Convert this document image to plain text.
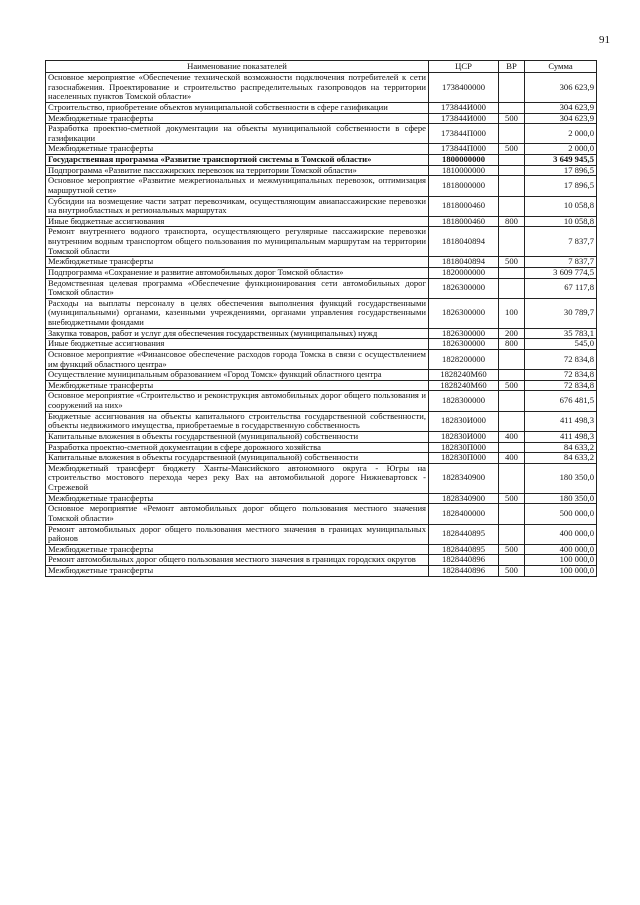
91
Наименование показателей	ЦСР	ВР	Сумма
Основное мероприятие «Обеспечение технической возможности подключения потребителей к сети газоснабжения. Проектирование и строительство распределительных газопроводов на территории населенных пунктов Томской области»	1738400000		306 623,9
Строительство, приобретение объектов муниципальной собственности в сфере газификации	173844И000		304 623,9
Межбюджетные трансферты	173844И000	500	304 623,9
Разработка проектно-сметной документации на объекты муниципальной собственности в сфере газификации	173844П000		2 000,0
Межбюджетные трансферты	173844П000	500	2 000,0
Государственная программа «Развитие транспортной системы в Томской области»	1800000000		3 649 945,5
Подпрограмма «Развитие пассажирских перевозок на территории Томской области»	1810000000		17 896,5
Основное мероприятие «Развитие межрегиональных и межмуниципальных перевозок, оптимизация маршрутной сети»	1818000000		17 896,5
Субсидии на возмещение части затрат перевозчикам, осуществляющим авиапассажирские перевозки на внутриобластных и региональных маршрутах	1818000460		10 058,8
Иные бюджетные ассигнования	1818000460	800	10 058,8
Ремонт внутреннего водного транспорта, осуществляющего регулярные пассажирские перевозки внутренним водным транспортом общего пользования по муниципальным маршрутам на территории Томской области	1818040894		7 837,7
Межбюджетные трансферты	1818040894	500	7 837,7
Подпрограмма «Сохранение и развитие автомобильных дорог Томской области»	1820000000		3 609 774,5
Ведомственная целевая программа «Обеспечение функционирования сети автомобильных дорог Томской области»	1826300000		67 117,8
Расходы на выплаты персоналу в целях обеспечения выполнения функций государственными (муниципальными) органами, казенными учреждениями, органами управления государственными внебюджетными фондами	1826300000	100	30 789,7
Закупка товаров, работ и услуг для обеспечения государственных (муниципальных) нужд	1826300000	200	35 783,1
Иные бюджетные ассигнования	1826300000	800	545,0
Основное мероприятие «Финансовое обеспечение расходов города Томска в связи с осуществлением им функций областного центра»	1828200000		72 834,8
Осуществление муниципальным образованием «Город Томск» функций областного центра	1828240М60		72 834,8
Межбюджетные трансферты	1828240М60	500	72 834,8
Основное мероприятие «Строительство и реконструкция автомобильных дорог общего пользования и сооружений на них»	1828300000		676 481,5
Бюджетные ассигнования на объекты капитального строительства государственной собственности, объекты недвижимого имущества, приобретаемые в государственную собственность	182830И000		411 498,3
Капитальные вложения в объекты государственной (муниципальной) собственности	182830И000	400	411 498,3
Разработка проектно-сметной документации в сфере дорожного хозяйства	182830П000		84 633,2
Капитальные вложения в объекты государственной (муниципальной) собственности	182830П000	400	84 633,2
Межбюджетный трансферт бюджету Ханты-Мансийского автономного округа - Югры на строительство мостового перехода через реку Вах на автомобильной дороге Нижневартовск - Стрежевой	1828340900		180 350,0
Межбюджетные трансферты	1828340900	500	180 350,0
Основное мероприятие «Ремонт автомобильных дорог общего пользования местного значения Томской области»	1828400000		500 000,0
Ремонт автомобильных дорог общего пользования местного значения в границах муниципальных районов	1828440895		400 000,0
Межбюджетные трансферты	1828440895	500	400 000,0
Ремонт автомобильных дорог общего пользования местного значения в границах городских округов	1828440896		100 000,0
Межбюджетные трансферты	1828440896	500	100 000,0
